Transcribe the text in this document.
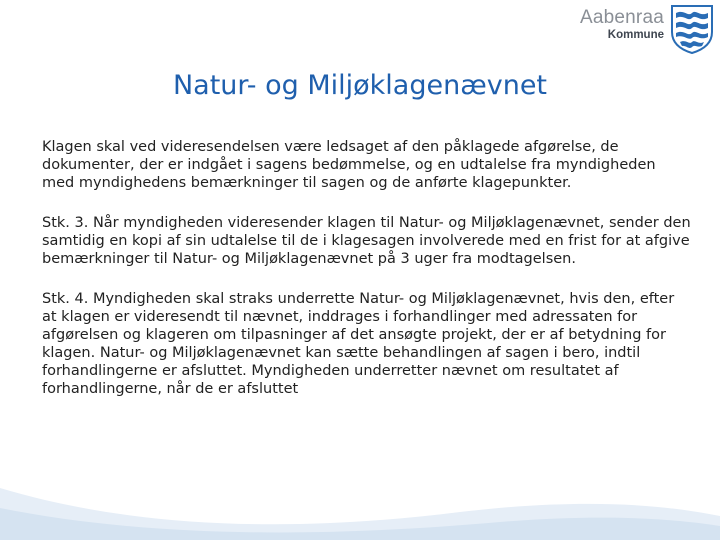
Aabenraa
Kommune
Natur- og Miljøklagenævnet

Klagen skal ved videresendelsen være ledsaget af den påklagede afgørelse, de dokumenter, der er indgået i sagens bedømmelse, og en udtalelse fra myndigheden med myndighedens bemærkninger til sagen og de anførte klagepunkter.

Stk. 3. Når myndigheden videresender klagen til Natur- og Miljøklagenævnet, sender den samtidig en kopi af sin udtalelse til de i klagesagen involverede med en frist for at afgive bemærkninger til Natur- og Miljøklagenævnet på 3 uger fra modtagelsen.

Stk. 4. Myndigheden skal straks underrette Natur- og Miljøklagenævnet, hvis den, efter at klagen er videresendt til nævnet, inddrages i forhandlinger med adressaten for afgørelsen og klageren om tilpasninger af det ansøgte projekt, der er af betydning for klagen. Natur- og Miljøklagenævnet kan sætte behandlingen af sagen i bero, indtil forhandlingerne er afsluttet. Myndigheden underretter nævnet om resultatet af forhandlingerne, når de er afsluttet
